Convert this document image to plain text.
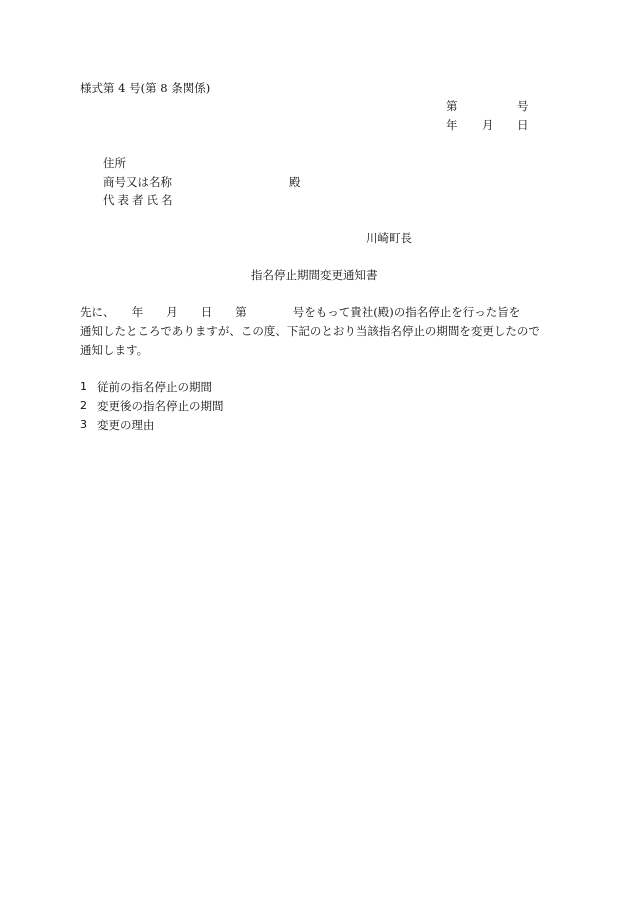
様式第 4 号(第 8 条関係)
第	号
年 月 日
住所
商号又は名称	殿
代表者氏名
川崎町長
指名停止期間変更通知書
先に、　　年　　月　　日　　第　　　　号をもって貴社(殿)の指名停止を行った旨を
通知したところでありますが、この度、下記のとおり当該指名停止の期間を変更したので
通知します。
1 従前の指名停止の期間
2 変更後の指名停止の期間
3 変更の理由
